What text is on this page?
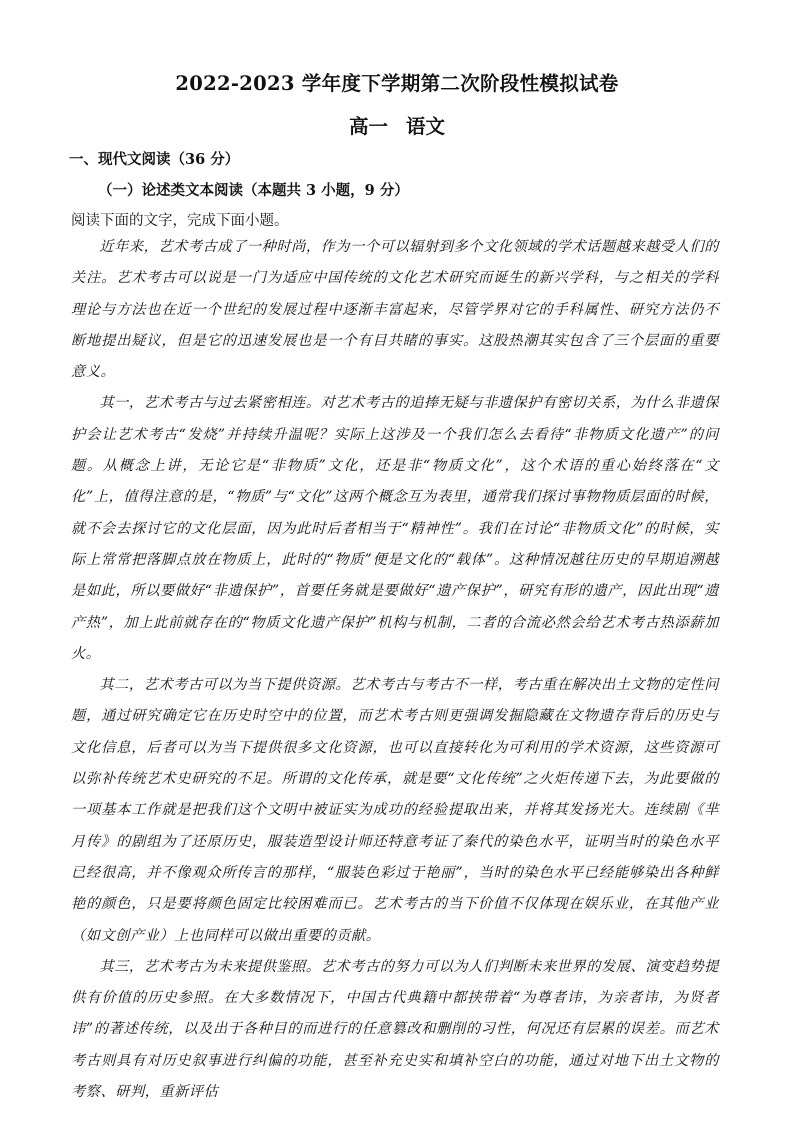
2022-2023 学年度下学期第二次阶段性模拟试卷
高一 语文
一、现代文阅读（36 分）
（一）论述类文本阅读（本题共 3 小题，9 分）
阅读下面的文字，完成下面小题。

近年来，艺术考古成了一种时尚，作为一个可以辐射到多个文化领域的学术话题越来越受人们的关注。艺术考古可以说是一门为适应中国传统的文化艺术研究而诞生的新兴学科，与之相关的学科理论与方法也在近一个世纪的发展过程中逐渐丰富起来，尽管学界对它的手科属性、研究方法仍不断地提出疑议，但是它的迅速发展也是一个有目共睹的事实。这股热潮其实包含了三个层面的重要意义。

其一，艺术考古与过去紧密相连。对艺术考古的追捧无疑与非遗保护有密切关系，为什么非遗保护会让艺术考古“发烧”并持续升温呢？实际上这涉及一个我们怎么去看待“非物质文化遗产”的问题。从概念上讲，无论它是“非物质”文化，还是非“物质文化”，这个术语的重心始终落在“文化”上，值得注意的是，“物质”与“文化”这两个概念互为表里，通常我们探讨事物物质层面的时候，就不会去探讨它的文化层面，因为此时后者相当于“精神性”。我们在讨论“非物质文化”的时候，实际上常常把落脚点放在物质上，此时的“物质”便是文化的“载体”。这种情况越往历史的早期追溯越是如此，所以要做好“非遗保护”，首要任务就是要做好“遗产保护”，研究有形的遗产，因此出现“遗产热”，加上此前就存在的“物质文化遗产保护”机构与机制，二者的合流必然会给艺术考古热添薪加火。

其二，艺术考古可以为当下提供资源。艺术考古与考古不一样，考古重在解决出土文物的定性问题，通过研究确定它在历史时空中的位置，而艺术考古则更强调发掘隐藏在文物遗存背后的历史与文化信息，后者可以为当下提供很多文化资源，也可以直接转化为可利用的学术资源，这些资源可以弥补传统艺术史研究的不足。所谓的文化传承，就是要“文化传统”之火炬传递下去，为此要做的一项基本工作就是把我们这个文明中被证实为成功的经验提取出来，并将其发扬光大。连续剧《芈月传》的剧组为了还原历史，服装造型设计师还特意考证了秦代的染色水平，证明当时的染色水平已经很高，并不像观众所传言的那样，“服装色彩过于艳丽”，当时的染色水平已经能够染出各种鲜艳的颜色，只是要将颜色固定比较困难而已。艺术考古的当下价值不仅体现在娱乐业，在其他产业（如文创产业）上也同样可以做出重要的贡献。

其三，艺术考古为未来提供鉴照。艺术考古的努力可以为人们判断未来世界的发展、演变趋势提供有价值的历史参照。在大多数情况下，中国古代典籍中都挟带着“为尊者讳，为亲者讳，为贤者讳”的著述传统，以及出于各种目的而进行的任意篡改和删削的习性，何况还有层累的误差。而艺术考古则具有对历史叙事进行纠偏的功能，甚至补充史实和填补空白的功能，通过对地下出土文物的考察、研判，重新评估
